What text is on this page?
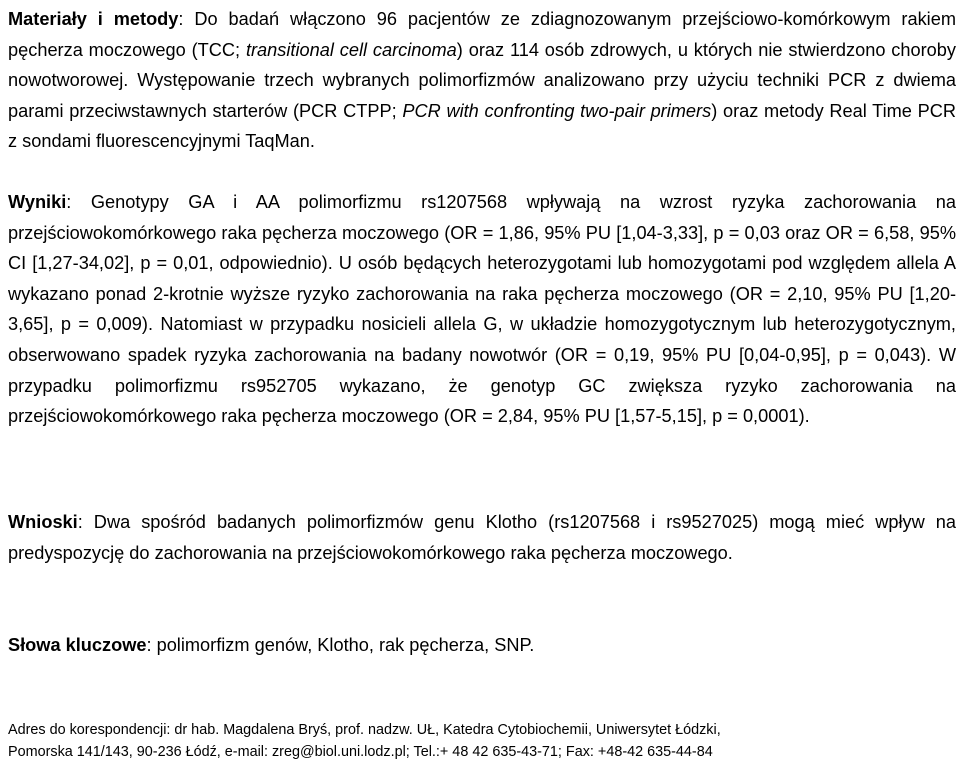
Materiały i metody: Do badań włączono 96 pacjentów ze zdiagnozowanym przejściowo-komórkowym rakiem pęcherza moczowego (TCC; transitional cell carcinoma) oraz 114 osób zdrowych, u których nie stwierdzono choroby nowotworowej. Występowanie trzech wybranych polimorfizmów analizowano przy użyciu techniki PCR z dwiema parami przeciwstawnych starterów (PCR CTPP; PCR with confronting two-pair primers) oraz metody Real Time PCR z sondami fluorescencyjnymi TaqMan.

Wyniki: Genotypy GA i AA polimorfizmu rs1207568 wpływają na wzrost ryzyka zachorowania na przejściowokomórkowego raka pęcherza moczowego (OR = 1,86, 95% PU [1,04-3,33], p = 0,03 oraz OR = 6,58, 95% CI [1,27-34,02], p = 0,01, odpowiednio). U osób będących heterozygotami lub homozygotami pod względem allela A wykazano ponad 2-krotnie wyższe ryzyko zachorowania na raka pęcherza moczowego (OR = 2,10, 95% PU [1,20-3,65], p = 0,009). Natomiast w przypadku nosicieli allela G, w układzie homozygotycznym lub heterozygotycznym, obserwowano spadek ryzyka zachorowania na badany nowotwór (OR = 0,19, 95% PU [0,04-0,95], p = 0,043). W przypadku polimorfizmu rs952705 wykazano, że genotyp GC zwiększa ryzyko zachorowania na przejściowokomórkowego raka pęcherza moczowego (OR = 2,84, 95% PU [1,57-5,15], p = 0,0001).

Wnioski: Dwa spośród badanych polimorfizmów genu Klotho (rs1207568 i rs9527025) mogą mieć wpływ na predyspozycję do zachorowania na przejściowokomórkowego raka pęcherza moczowego.

Słowa kluczowe: polimorfizm genów, Klotho, rak pęcherza, SNP.

Adres do korespondencji: dr hab. Magdalena Bryś, prof. nadzw. UŁ, Katedra Cytobiochemii, Uniwersytet Łódzki,
Pomorska 141/143, 90-236 Łódź, e-mail: zreg@biol.uni.lodz.pl; Tel.:+ 48 42 635-43-71; Fax: +48-42 635-44-84
